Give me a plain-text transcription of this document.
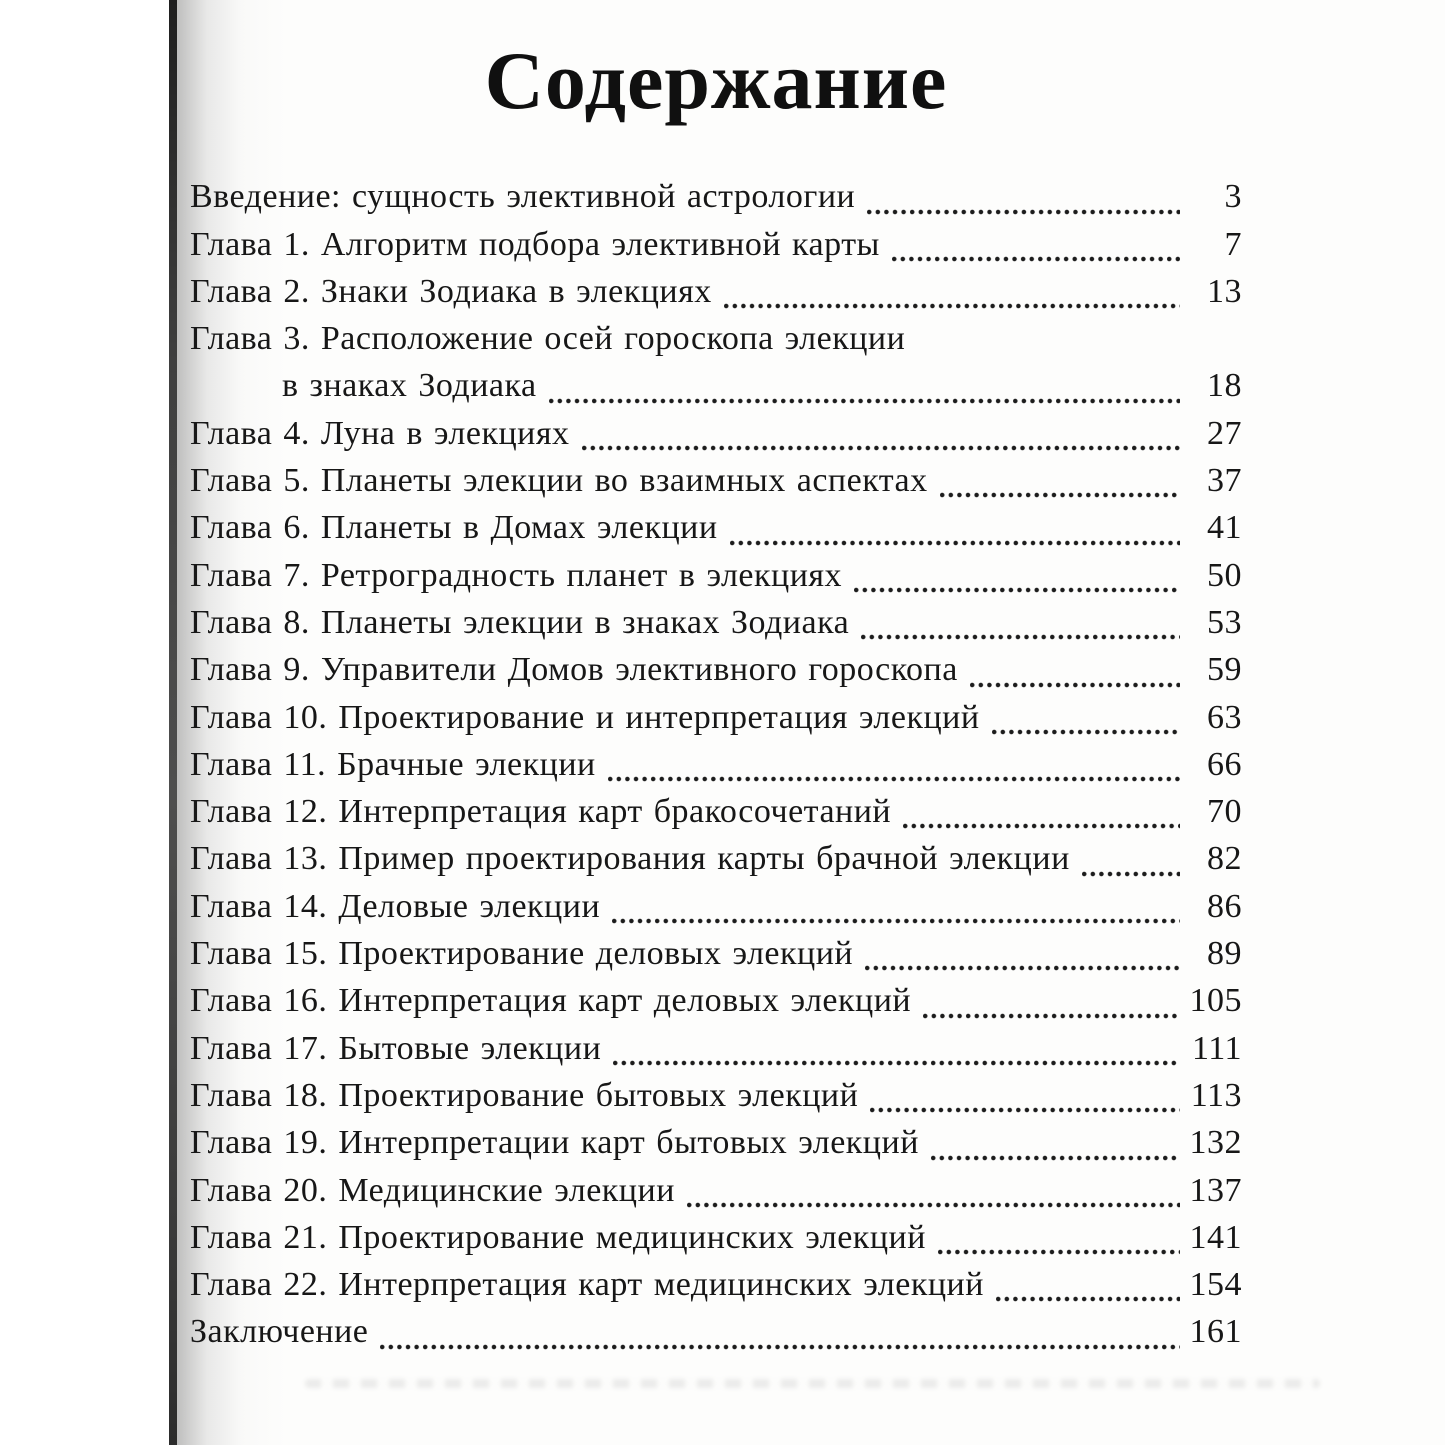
Содержание
Введение: сущность элективной астрологии	3
Глава 1. Алгоритм подбора элективной карты	7
Глава 2. Знаки Зодиака в элекциях	13
Глава 3. Расположение осей гороскопа элекции
в знаках Зодиака	18
Глава 4. Луна в элекциях	27
Глава 5. Планеты элекции во взаимных аспектах	37
Глава 6. Планеты в Домах элекции	41
Глава 7. Ретроградность планет в элекциях	50
Глава 8. Планеты элекции в знаках Зодиака	53
Глава 9. Управители Домов элективного гороскопа	59
Глава 10. Проектирование и интерпретация элекций	63
Глава 11. Брачные элекции	66
Глава 12. Интерпретация карт бракосочетаний	70
Глава 13. Пример проектирования карты брачной элекции	82
Глава 14. Деловые элекции	86
Глава 15. Проектирование деловых элекций	89
Глава 16. Интерпретация карт деловых элекций	105
Глава 17. Бытовые элекции	111
Глава 18. Проектирование бытовых элекций	113
Глава 19. Интерпретации карт бытовых элекций	132
Глава 20. Медицинские элекции	137
Глава 21. Проектирование медицинских элекций	141
Глава 22. Интерпретация карт медицинских элекций	154
Заключение	161
